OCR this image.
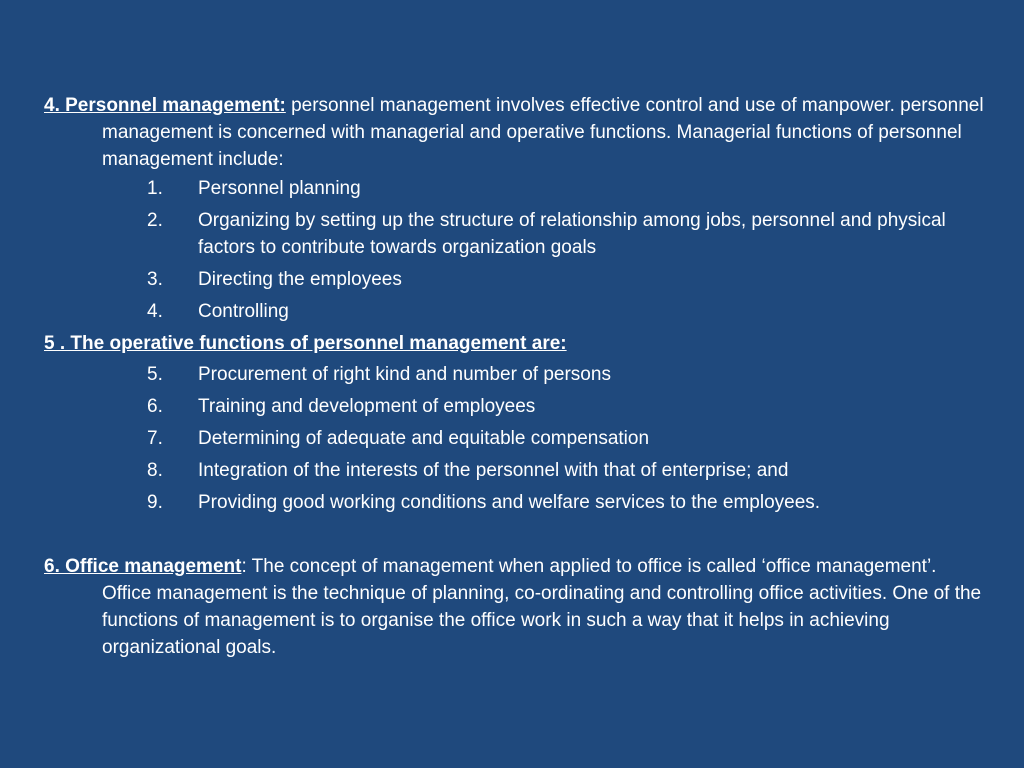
4. Personnel management: personnel management involves effective control and use of manpower. personnel management is concerned with managerial and operative functions. Managerial functions of personnel management include:

1. Personnel planning
2. Organizing by setting up the structure of relationship among jobs, personnel and physical factors to contribute towards organization goals
3. Directing the employees
4. Controlling

5 . The operative functions of personnel management are:

5. Procurement of right kind and number of persons
6. Training and development of employees
7. Determining of adequate and equitable compensation
8. Integration of the interests of the personnel with that of enterprise; and
9. Providing good working conditions and welfare services to the employees.

6. Office management: The concept of management when applied to office is called ‘office management’. Office management is the technique of planning, co-ordinating and controlling office activities. One of the functions of management is to organise the office work in such a way that it helps in achieving organizational goals.
